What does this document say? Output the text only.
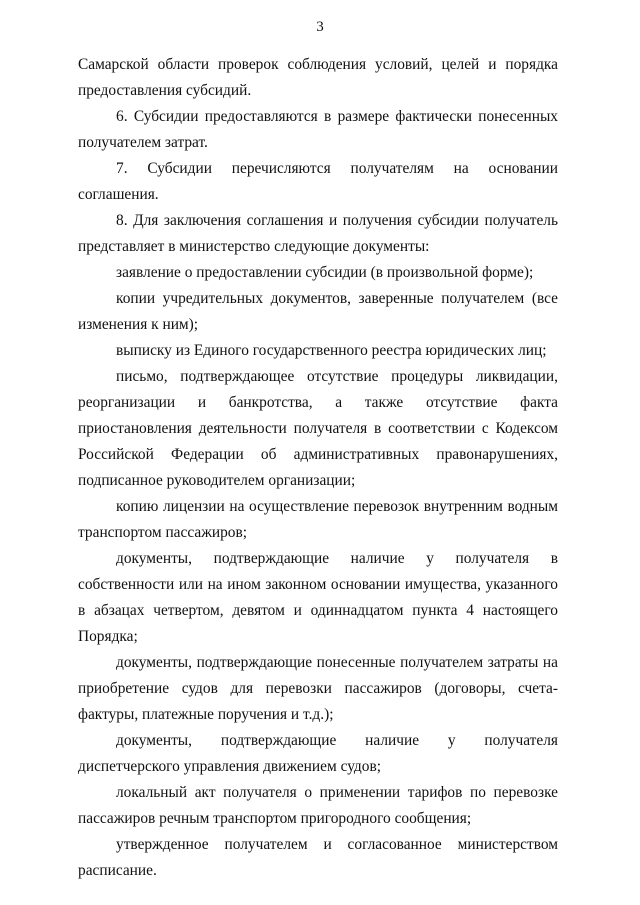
3

Самарской области проверок соблюдения условий, целей и порядка предоставления субсидий.

6. Субсидии предоставляются в размере фактически понесенных получателем затрат.

7. Субсидии перечисляются получателям на основании соглашения.

8. Для заключения соглашения и получения субсидии получатель представляет в министерство следующие документы:

заявление о предоставлении субсидии (в произвольной форме);

копии учредительных документов, заверенные получателем (все изменения к ним);

выписку из Единого государственного реестра юридических лиц;

письмо, подтверждающее отсутствие процедуры ликвидации, реорганизации и банкротства, а также отсутствие факта приостановления деятельности получателя в соответствии с Кодексом Российской Федерации об административных правонарушениях, подписанное руководителем организации;

копию лицензии на осуществление перевозок внутренним водным транспортом пассажиров;

документы, подтверждающие наличие у получателя в собственности или на ином законном основании имущества, указанного в абзацах четвертом, девятом и одиннадцатом пункта 4 настоящего Порядка;

документы, подтверждающие понесенные получателем затраты на приобретение судов для перевозки пассажиров (договоры, счета-фактуры, платежные поручения и т.д.);

документы, подтверждающие наличие у получателя диспетчерского управления движением судов;

локальный акт получателя о применении тарифов по перевозке пассажиров речным транспортом пригородного сообщения;

утвержденное получателем и согласованное министерством расписание.
